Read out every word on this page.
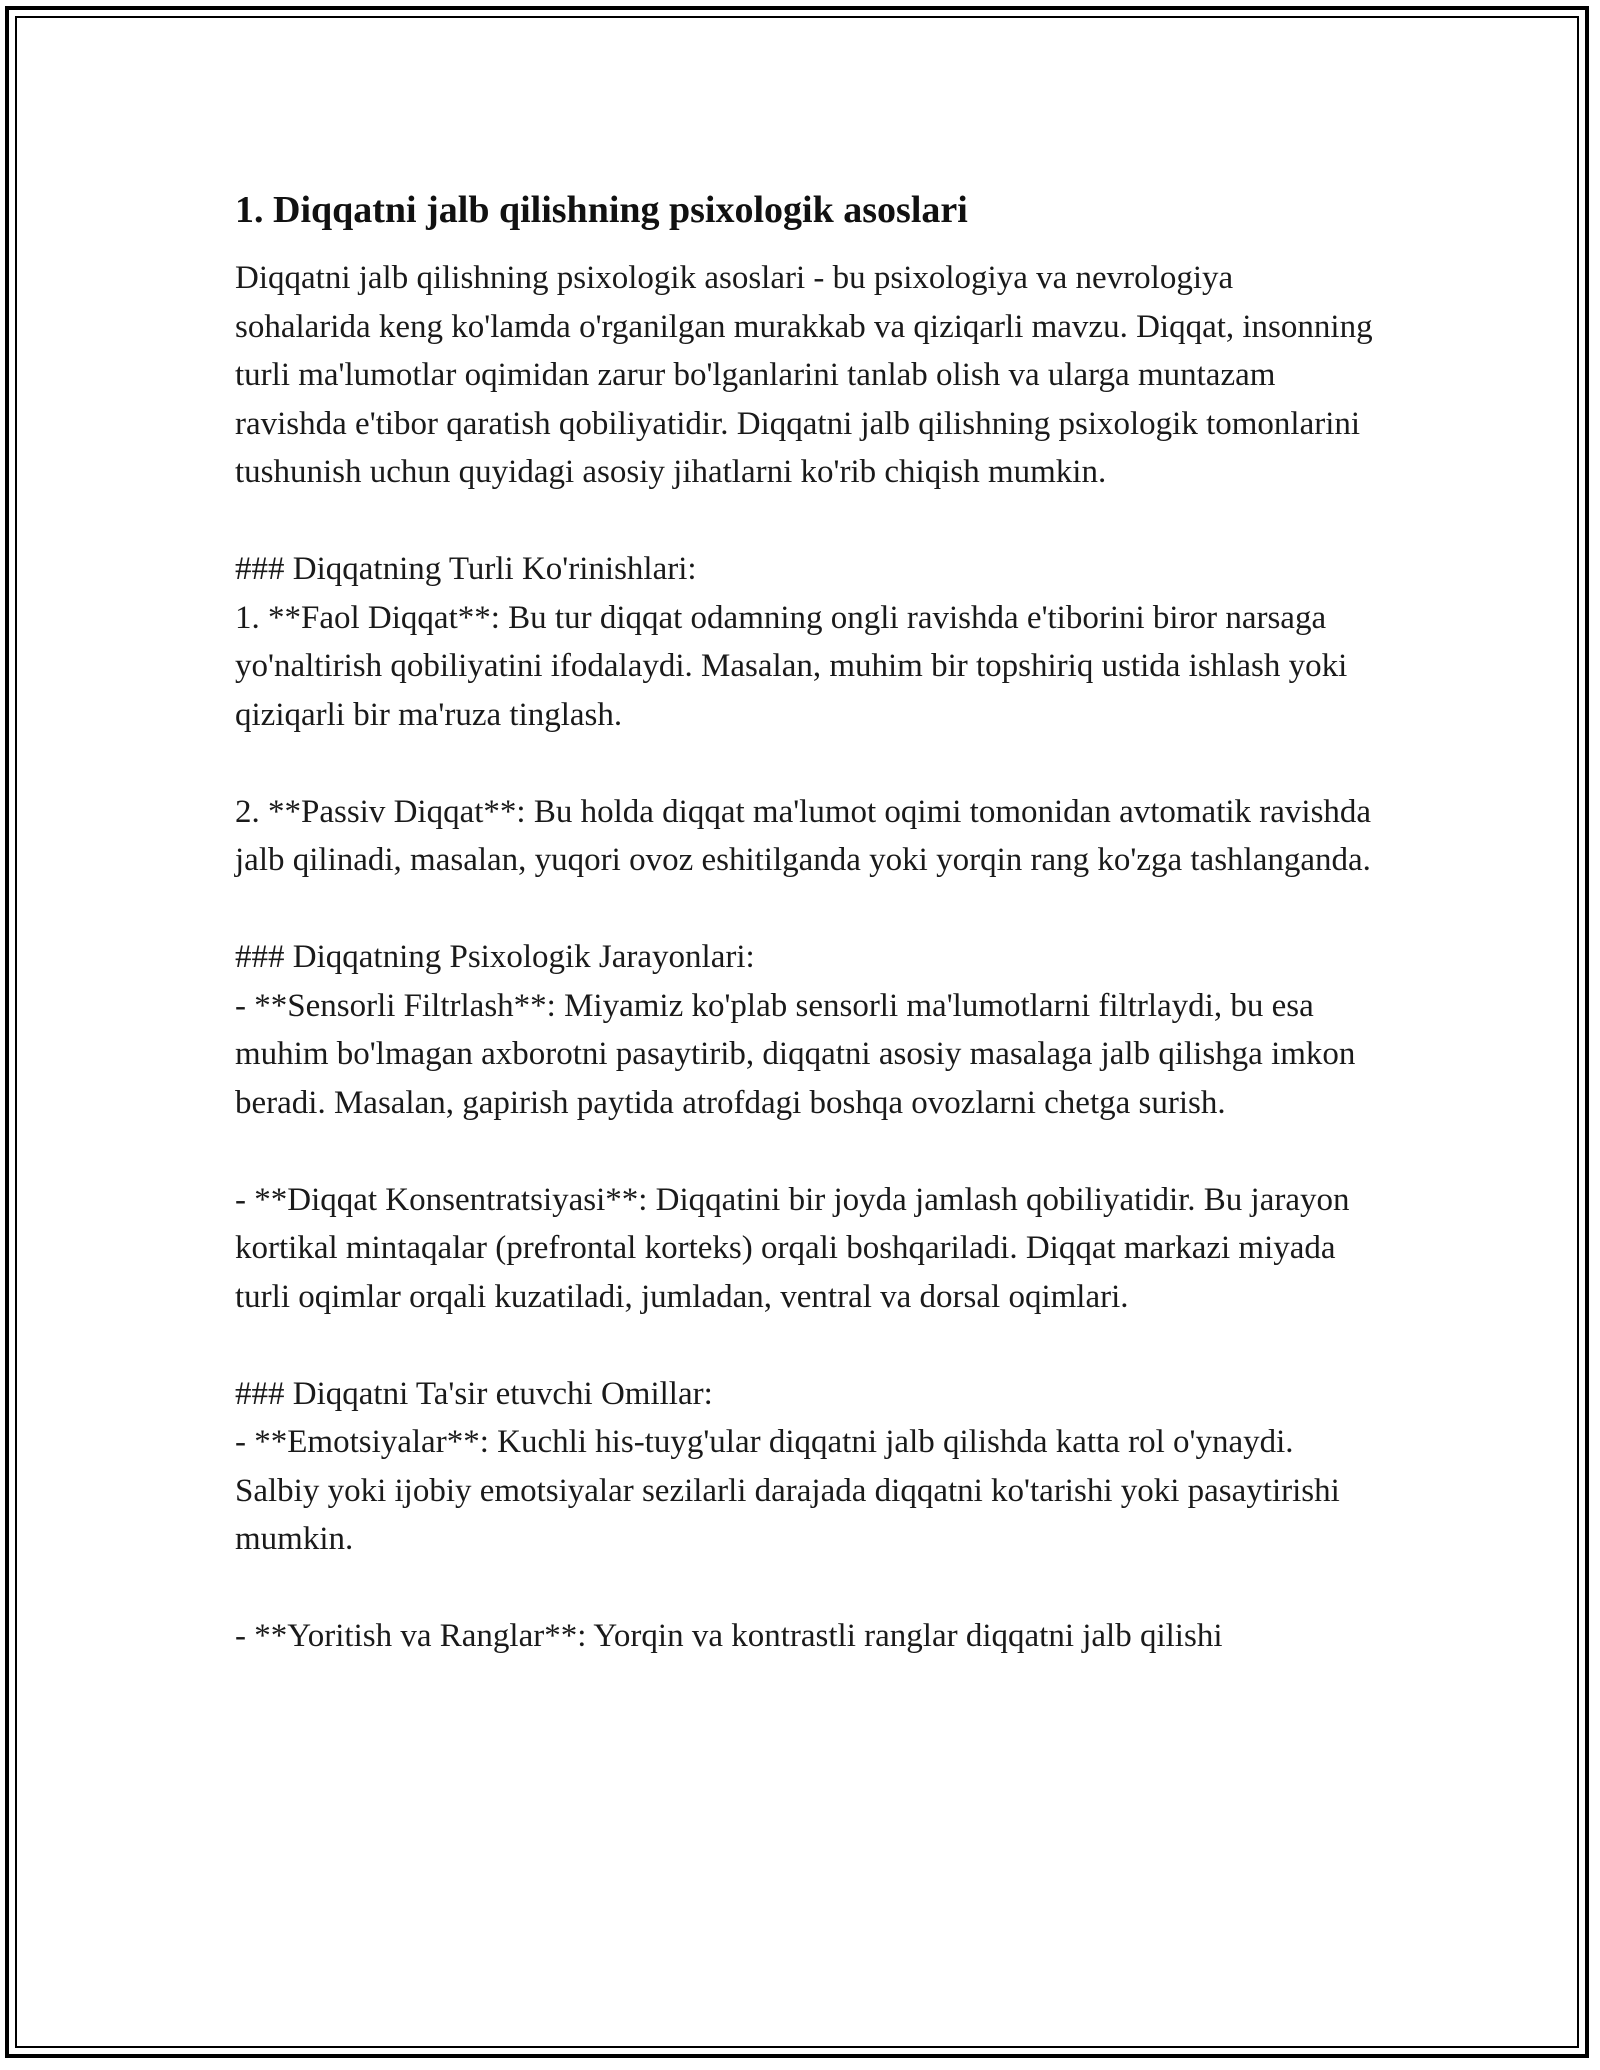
1. Diqqatni jalb qilishning psixologik asoslari

Diqqatni jalb qilishning psixologik asoslari - bu psixologiya va nevrologiya sohalarida keng ko'lamda o'rganilgan murakkab va qiziqarli mavzu. Diqqat, insonning turli ma'lumotlar oqimidan zarur bo'lganlarini tanlab olish va ularga muntazam ravishda e'tibor qaratish qobiliyatidir. Diqqatni jalb qilishning psixologik tomonlarini tushunish uchun quyidagi asosiy jihatlarni ko'rib chiqish mumkin.

### Diqqatning Turli Ko'rinishlari:
1. **Faol Diqqat**: Bu tur diqqat odamning ongli ravishda e'tiborini biror narsaga yo'naltirish qobiliyatini ifodalaydi. Masalan, muhim bir topshiriq ustida ishlash yoki qiziqarli bir ma'ruza tinglash.

2. **Passiv Diqqat**: Bu holda diqqat ma'lumot oqimi tomonidan avtomatik ravishda jalb qilinadi, masalan, yuqori ovoz eshitilganda yoki yorqin rang ko'zga tashlanganda.

### Diqqatning Psixologik Jarayonlari:
- **Sensorli Filtrlash**: Miyamiz ko'plab sensorli ma'lumotlarni filtrlaydi, bu esa muhim bo'lmagan axborotni pasaytirib, diqqatni asosiy masalaga jalb qilishga imkon beradi. Masalan, gapirish paytida atrofdagi boshqa ovozlarni chetga surish.

- **Diqqat Konsentratsiyasi**: Diqqatini bir joyda jamlash qobiliyatidir. Bu jarayon kortikal mintaqalar (prefrontal korteks) orqali boshqariladi. Diqqat markazi miyada turli oqimlar orqali kuzatiladi, jumladan, ventral va dorsal oqimlari.

### Diqqatni Ta'sir etuvchi Omillar:
- **Emotsiyalar**: Kuchli his-tuyg'ular diqqatni jalb qilishda katta rol o'ynaydi. Salbiy yoki ijobiy emotsiyalar sezilarli darajada diqqatni ko'tarishi yoki pasaytirishi mumkin.

- **Yoritish va Ranglar**: Yorqin va kontrastli ranglar diqqatni jalb qilishi
